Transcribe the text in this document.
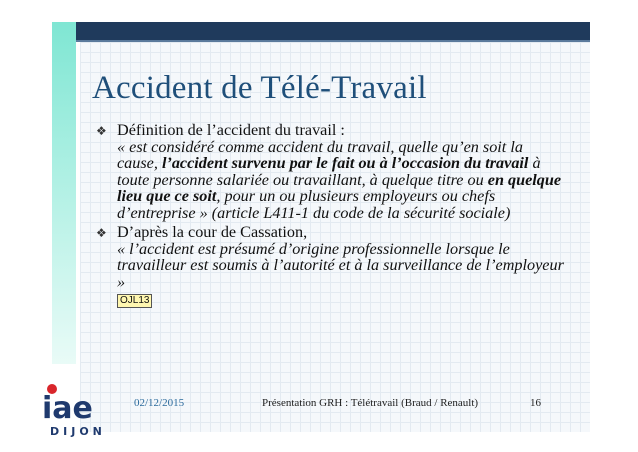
Accident de Télé-Travail
❖ Définition de l’accident du travail :
« est considéré comme accident du travail, quelle qu’en soit la cause, l’accident survenu par le fait ou à l’occasion du travail à toute personne salariée ou travaillant, à quelque titre ou en quelque lieu que ce soit, pour un ou plusieurs employeurs ou chefs d’entreprise » (article L411-1 du code de la sécurité sociale)
❖ D’après la cour de Cassation,
« l’accident est présumé d’origine professionnelle lorsque le travailleur est soumis à l’autorité et à la surveillance de l’employeur »
OJL13
iae
DIJON
02/12/2015	Présentation GRH : Télétravail (Braud / Renault)	16
